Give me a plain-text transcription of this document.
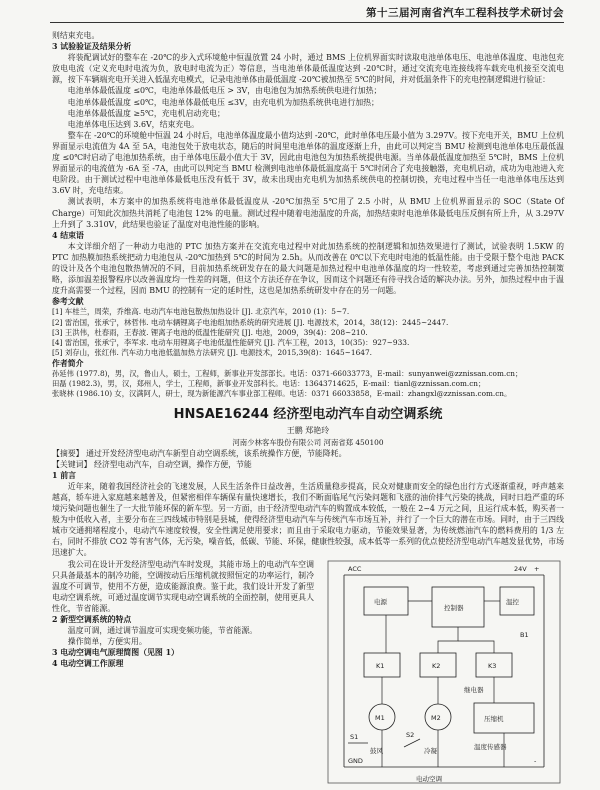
第十三届河南省汽车工程科技学术研讨会

则结束充电。

3 试验验证及结果分析

将装配调试好的整车在 -20℃的步入式环境舱中恒温放置 24 小时，通过 BMS 上位机界面实时读取电池单体电压、电池单体温度、电池包充放电电流（定义充电时电流为负，放电时电流为正）等信息，当电池单体最低温度达到 -20℃时，通过交流充电连接线将车载充电机接至交流电源，按下车辆端充电开关进入低温充电模式，记录电池单体由最低温度 -20℃被加热至 5℃的时间，并对低温条件下的充电控制逻辑进行验证：

电池单体最低温度 ≤0℃，电池单体最低电压 > 3V，由电池包为加热系统供电进行加热；

电池单体最低温度 ≤0℃，电池单体最低电压 ≤3V，由充电机为加热系统供电进行加热；

电池单体最低温度 ≥5℃，充电机启动充电；

电池单体电压达到 3.6V，结束充电。

整车在 -20℃的环境舱中恒温 24 小时后，电池单体温度最小值均达到 -20℃，此时单体电压最小值为 3.297V。按下充电开关，BMU 上位机界面显示电流值为 4A 至 5A，电池包处于放电状态，随后的时间里电池单体的温度逐渐上升，由此可以判定当 BMU 检测到电池单体电压最低温度 ≤0℃时启动了电池加热系统，由于单体电压最小值大于 3V，因此由电池包为加热系统提供电源。当单体最低温度加热至 5℃时，BMS 上位机界面显示的电流值为 -6A 至 -7A，由此可以判定当 BMU 检测到电池单体最低温度高于 5℃时闭合了充电接触器，充电机启动，成功为电池进入充电阶段。由于测试过程中电池单体最低电压没有低于 3V，故未出现由充电机为加热系统供电的控制切换，充电过程中当任一电池单体电压达到 3.6V 时，充电结束。

测试表明，本方案中的加热系统将电池单体最低温度从 -20℃加热至 5℃用了 2.5 小时，从 BMU 上位机界面显示的 SOC（State Of Charge）可知此次加热共消耗了电池包 12% 的电量。测试过程中随着电池温度的升高，加热结束时电池单体最低电压反倒有所上升，从 3.297V 上升到了 3.310V，此结果也验证了温度对电池性能的影响。

4 结束语

本文详细介绍了一种动力电池的 PTC 加热方案并在交流充电过程中对此加热系统的控制逻辑和加热效果进行了测试，试验表明 1.5KW 的 PTC 加热膜加热系统把动力电池包从 -20℃加热到 5℃的时间为 2.5h。从而改善在 0℃以下充电时电池的低温性能。由于受限于整个电池 PACK 的设计及各个电池包散热情况的不同，目前加热系统研发存在的最大问题是加热过程中电池单体温度的均一性较差，考虑到通过完善加热控制策略，添加温差报警程序以改善温度均一性差的问题，但这个方法还存在争议，因而这个问题还有待寻找合适的解决办法。另外，加热过程中由于温度升高需要一个过程，因而 BMU 的控制有一定的延时性，这也是加热系统研发中存在的另一问题。

参考文献

[1] 车桂兰，周荣，乔维高. 电动汽车电池包散热加热设计 [J]. 北京汽车，2010 (1)：5~7.

[2] 雷治国，张承宁，林哲伟. 电动车辆锂离子电池组加热系统的研究进展 [J]. 电源技术，2014，38(12)：2445~2447.

[3] 王洪伟，杜春雨，王春波. 锂离子电池的低温性能研究 [J]. 电池，2009，39(4)：208~210.

[4] 雷治国，张承宁，李军求. 电动车用锂离子电池低温性能研究 [J]. 汽车工程，2013，10(35)：927~933.

[5] 刘存山，张红伟. 汽车动力电池低温加热方法研究 [J]. 电源技术，2015,39(8)：1645~1647.

作者简介

孙延伟 (1977.8)，男，汉，鲁山人，硕士，工程师，新事业开发部部长。电话：0371-66033773，E-mail：sunyanwei@zznissan.com.cn；

田磊 (1982.3)，男，汉，郑州人，学士，工程师，新事业开发部科长。电话：13643714625，E-mail：tianl@zznissan.com.cn；

张晓林 (1986.10) 女，汉满阿人，研士，现为新能源汽车事业部工程师。电话：0371 66033858，E-mail：zhangxl@zznissan.com.cn。

HNSAE16244 经济型电动汽车自动空调系统

王鹏 郑艳玲

河南少林客车股份有限公司 河南省郑 450100

【摘要】 通过开发经济型电动汽车新型自动空调系统，该系统操作方便，节能降耗。

【关键词】 经济型电动汽车，自动空调，操作方便，节能

1 前言

近年来，随着我国经济社会的飞速发展，人民生活条件日益改善，生活质量稳步提高，民众对健康而安全的绿色出行方式逐渐重视，呼声越来越高，轿车进入家庭越来越普及，但紧密相伴车辆保有量快速增长，我们不断面临尾气污染问题和飞涨的油价排气污染的挑战，同时日趋严重的环境污染问题也催生了一大批节能环保的新车型。另一方面，由于经济型电动汽车的购置成本较低，一般在 2~4 万元之间，且运行成本低，购买者一般为中低收入者，主要分布在三四线城市特别是县城，使得经济型电动汽车与传统汽车市场互补，并行了一个巨大的潜在市场。同时，由于三四线城市交通拥堵程度小，电动汽车速度较慢，安全性满足使用要求；而且由于采取电力驱动，节能效果显著，为传统燃油汽车的燃料费用的 1/3 左右，同时不排放 CO2 等有害气体，无污染，噪音低，低碳、节能、环保，健康性较强，成本低等一系列的优点使经济型电动汽车越发显优势，市场迅速扩大。

我公司在设计开发经济型电动汽车时发现，其能市场上的电动汽车空调只具备最基本的制冷功能，空调按动后压缩机就按照恒定的功率运行，制冷温度不可调节，使用不方便，造成能源浪费。鉴于此，我们设计开发了新型电动空调系统，可通过温度调节实现电动空调系统的全面控制，使用更具人性化，节省能源。

2 新型空调系统的特点

温度可调，通过调节温度可实现变频功能，节省能源。

操作简单，方便实用。

3 电动空调电气原理简图（见图 1）

4 电动空调工作原理

ACC
电源
控制器
温控
鼓风	冷凝
压缩机
K1	K2	K3
M1	M2
S1	S2
B1
继电器
温度传感器
电动空调
+
-
GND
24V
